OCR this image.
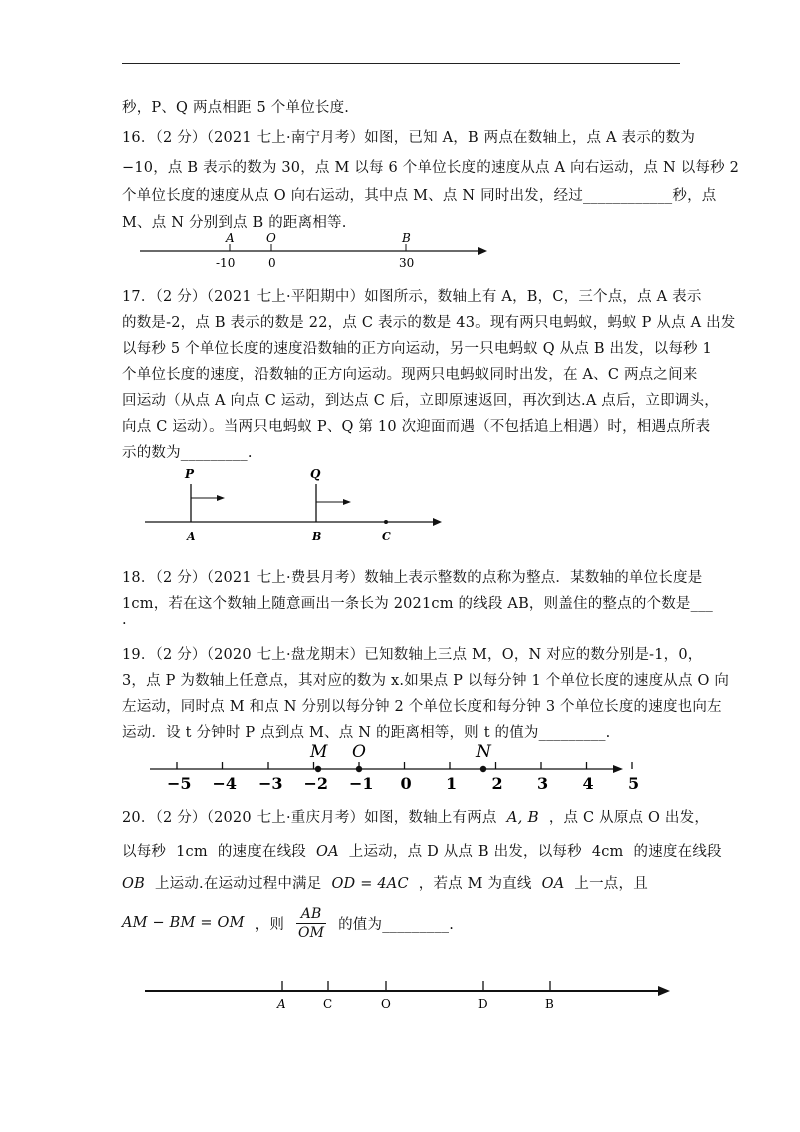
秒，P、Q 两点相距 5 个单位长度.
16．（2 分）（2021 七上·南宁月考）如图，已知 A，B 两点在数轴上，点 A 表示的数为
−10，点 B 表示的数为 30，点 M 以每 6 个单位长度的速度从点 A 向右运动，点 N 以每秒 2
个单位长度的速度从点 O 向右运动，其中点 M、点 N 同时出发，经过____________秒，点
M、点 N 分别到点 B 的距离相等.
A	O	B
-10	0	30
17．（2 分）（2021 七上·平阳期中）如图所示，数轴上有 A，B，C，三个点，点 A 表示
的数是-2，点 B 表示的数是 22，点 C 表示的数是 43。现有两只电蚂蚁，蚂蚁 P 从点 A 出发
以每秒 5 个单位长度的速度沿数轴的正方向运动，另一只电蚂蚁 Q 从点 B 出发，以每秒 1
个单位长度的速度，沿数轴的正方向运动。现两只电蚂蚁同时出发，在 A、C 两点之间来
回运动（从点 A 向点 C 运动，到达点 C 后，立即原速返回，再次到达.A 点后，立即调头，
向点 C 运动）。当两只电蚂蚁 P、Q 第 10 次迎面而遇（不包括追上相遇）时，相遇点所表
示的数为_________.
P	Q
A	B	C
18．（2 分）（2021 七上·费县月考）数轴上表示整数的点称为整点．某数轴的单位长度是
1cm，若在这个数轴上随意画出一条长为 2021cm 的线段 AB，则盖住的整点的个数是___
.
19．（2 分）（2020 七上·盘龙期末）已知数轴上三点 M，O，N 对应的数分别是-1，0，
3，点 P 为数轴上任意点，其对应的数为 x.如果点 P 以每分钟 1 个单位长度的速度从点 O 向
左运动，同时点 M 和点 N 分别以每分钟 2 个单位长度和每分钟 3 个单位长度的速度也向左
运动．设 t 分钟时 P 点到点 M、点 N 的距离相等，则 t 的值为_________.
−5 −4 −3 −2 −1 0 1 2 3 4 5
M O	N
20．（2 分）（2020 七上·重庆月考）如图，数轴上有两点 A, B ，点 C 从原点 O 出发，
以每秒 1cm 的速度在线段 OA 上运动，点 D 从点 B 出发，以每秒 4cm 的速度在线段
OB 上运动.在运动过程中满足 OD = 4AC ，若点 M 为直线 OA 上一点，且
AM − BM = OM ，则
AB
OM 的值为_________.
A	C	O	D	B
